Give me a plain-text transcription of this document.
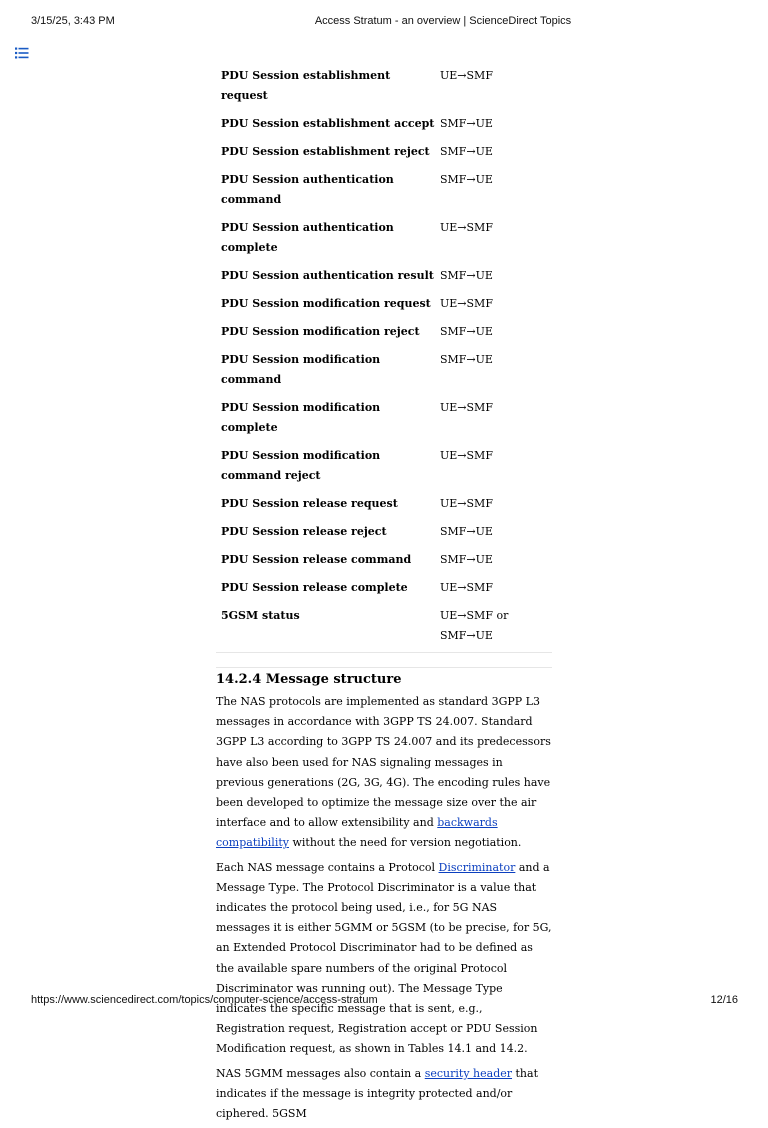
3/15/25, 3:43 PM	Access Stratum - an overview | ScienceDirect Topics
PDU Session establishment request	UE→SMF
PDU Session establishment accept	SMF→UE
PDU Session establishment reject	SMF→UE
PDU Session authentication command	SMF→UE
PDU Session authentication complete	UE→SMF
PDU Session authentication result	SMF→UE
PDU Session modification request	UE→SMF
PDU Session modification reject	SMF→UE
PDU Session modification command	SMF→UE
PDU Session modification complete	UE→SMF
PDU Session modification command reject	UE→SMF
PDU Session release request	UE→SMF
PDU Session release reject	SMF→UE
PDU Session release command	SMF→UE
PDU Session release complete	UE→SMF
5GSM status	UE→SMF or SMF→UE
14.2.4 Message structure

The NAS protocols are implemented as standard 3GPP L3 messages in accordance with 3GPP TS 24.007. Standard 3GPP L3 according to 3GPP TS 24.007 and its predecessors have also been used for NAS signaling messages in previous generations (2G, 3G, 4G). The encoding rules have been developed to optimize the message size over the air interface and to allow extensibility and backwards compatibility without the need for version negotiation.

Each NAS message contains a Protocol Discriminator and a Message Type. The Protocol Discriminator is a value that indicates the protocol being used, i.e., for 5G NAS messages it is either 5GMM or 5GSM (to be precise, for 5G, an Extended Protocol Discriminator had to be defined as the available spare numbers of the original Protocol Discriminator was running out). The Message Type indicates the specific message that is sent, e.g., Registration request, Registration accept or PDU Session Modification request, as shown in Tables 14.1 and 14.2.

NAS 5GMM messages also contain a security header that indicates if the message is integrity protected and/or ciphered. 5GSM

https://www.sciencedirect.com/topics/computer-science/access-stratum	12/16
